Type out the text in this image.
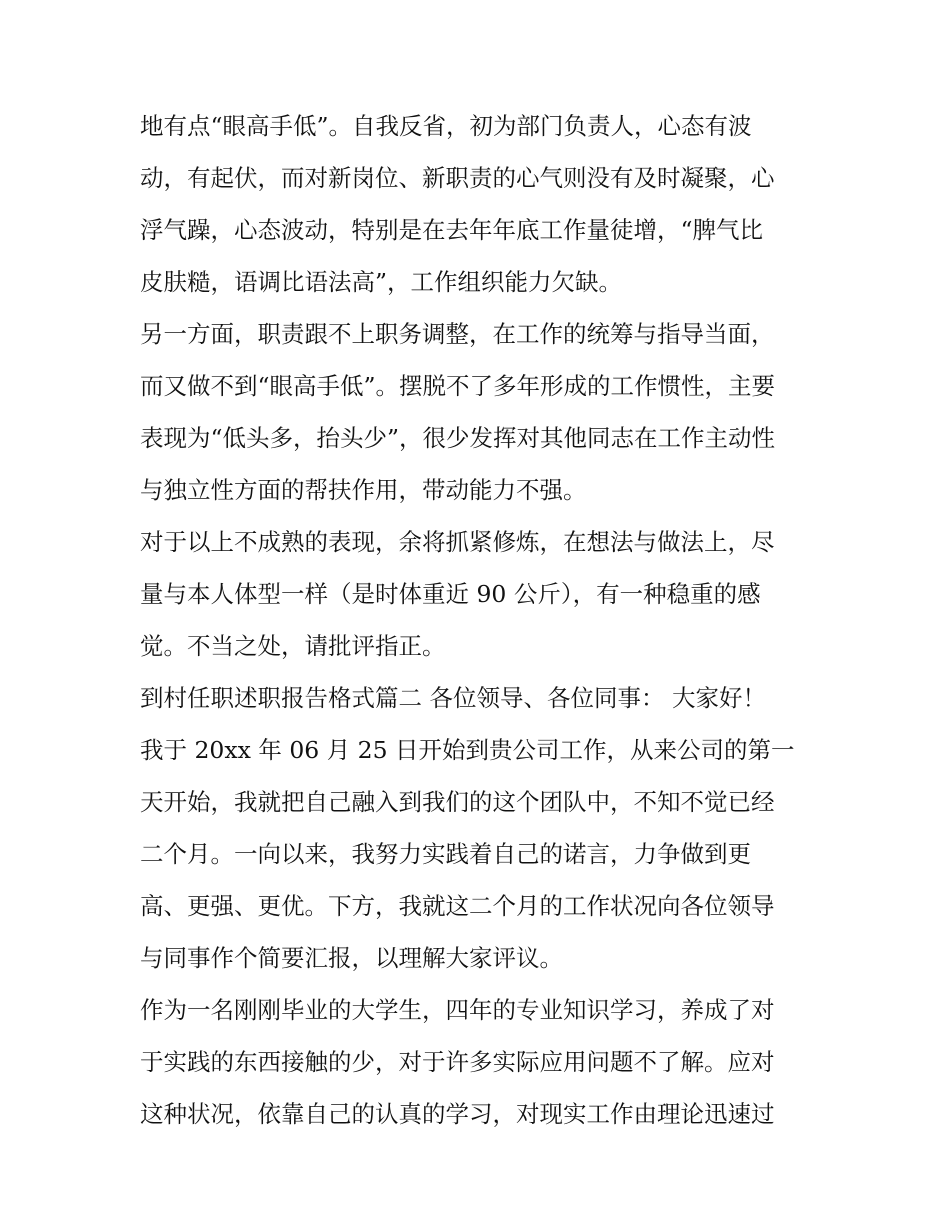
地有点“眼高手低”。自我反省，初为部门负责人，心态有波
动，有起伏，而对新岗位、新职责的心气则没有及时凝聚，心
浮气躁，心态波动，特别是在去年年底工作量徒增，“脾气比
皮肤糙，语调比语法高”，工作组织能力欠缺。
另一方面，职责跟不上职务调整，在工作的统筹与指导当面，
而又做不到“眼高手低”。摆脱不了多年形成的工作惯性，主要
表现为“低头多，抬头少”，很少发挥对其他同志在工作主动性
与独立性方面的帮扶作用，带动能力不强。
对于以上不成熟的表现，余将抓紧修炼，在想法与做法上，尽
量与本人体型一样（是时体重近 90 公斤），有一种稳重的感
觉。不当之处，请批评指正。
到村任职述职报告格式篇二 各位领导、各位同事： 大家好！
我于 20xx 年 06 月 25 日开始到贵公司工作，从来公司的第一
天开始，我就把自己融入到我们的这个团队中，不知不觉已经
二个月。一向以来，我努力实践着自己的诺言，力争做到更
高、更强、更优。下方，我就这二个月的工作状况向各位领导
与同事作个简要汇报，以理解大家评议。
作为一名刚刚毕业的大学生，四年的专业知识学习，养成了对
于实践的东西接触的少，对于许多实际应用问题不了解。应对
这种状况，依靠自己的认真的学习，对现实工作由理论迅速过
